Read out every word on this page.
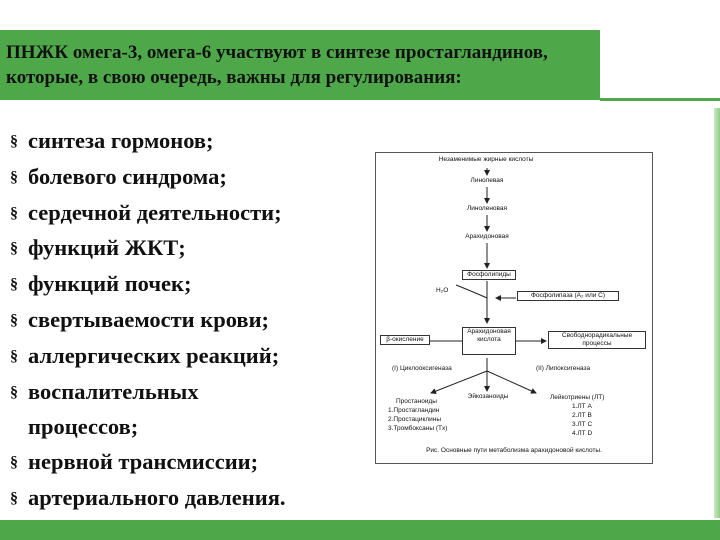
ПНЖК омега-3, омега-6 участвуют в синтезе простагландинов,
которые, в свою очередь, важны для регулирования:
§ синтеза гормонов;
§ болевого синдрома;
§ сердечной деятельности;
§ функций ЖКТ;
§ функций почек;
§ свертываемости крови;
§ аллергических реакций;
§ воспалительных
процессов;
§ нервной трансмиссии;
§ артериального давления.
Незаменимые жирные кислоты
Линолевая
Линоленовая
Арахидоновая
Фосфолипиды
H₂O
Фосфолипаза (A₂ или C)
β-окисление
Арахидоновая
кислота
Свободнорадикальные
процессы
(I) Циклооксигеназа	(II) Липоксигеназа
Эйкозаноиды
Простаноиды
1.Простагландин
2.Простациклины
3.Тромбоксаны (Tx)
Лейкотриены (ЛТ)
1.ЛТ A
2.ЛТ B
3.ЛТ C
4.ЛТ D
Рис. Основные пути метаболизма арахидоновой кислоты.
